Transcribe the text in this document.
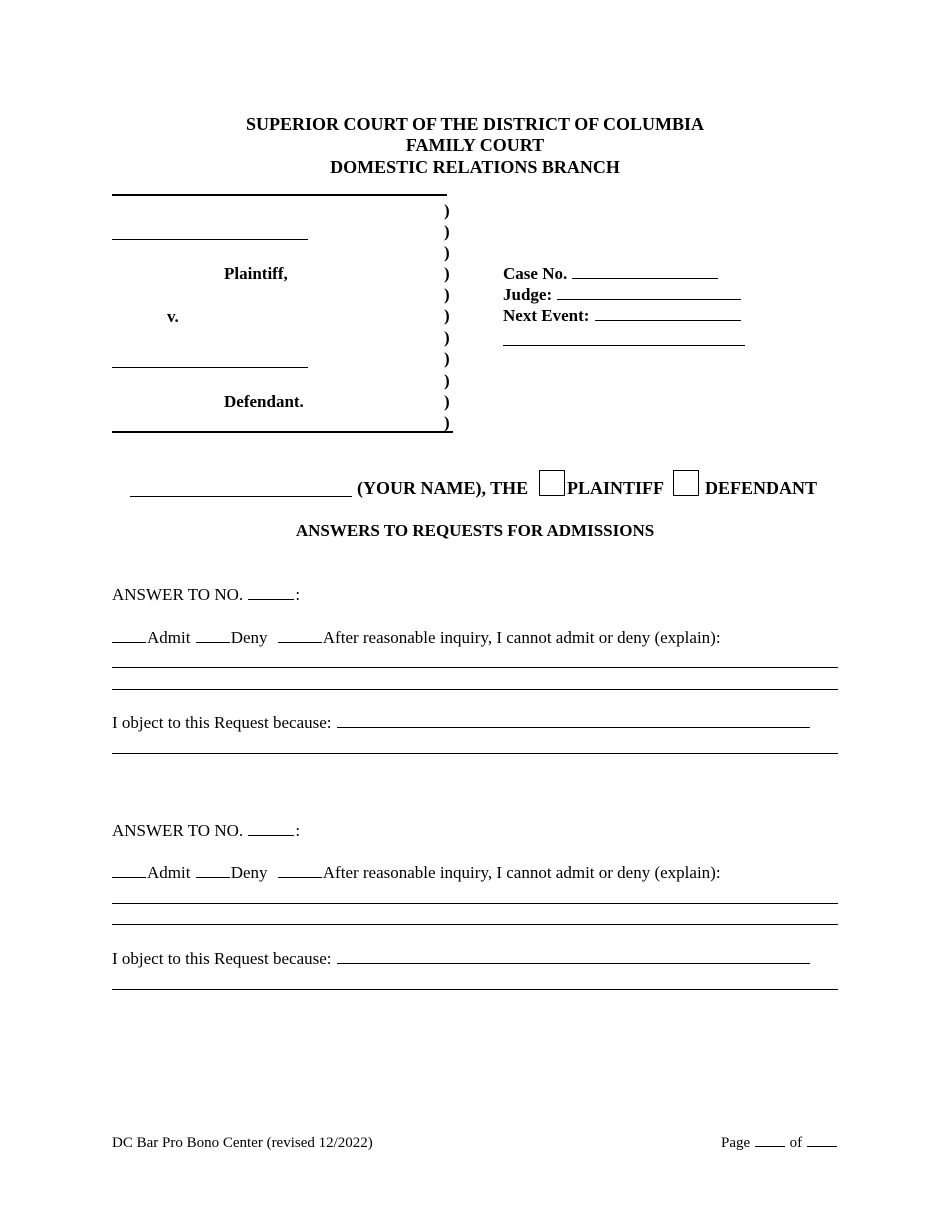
SUPERIOR COURT OF THE DISTRICT OF COLUMBIA
FAMILY COURT
DOMESTIC RELATIONS BRANCH
Plaintiff,
v.
Defendant.
)
)
)
)
)
)
)
)
)
)
)
Case No.
Judge:
Next Event:
(YOUR NAME), THE PLAINTIFF DEFENDANT
ANSWERS TO REQUESTS FOR ADMISSIONS
ANSWER TO NO.	:
Admit Deny	After reasonable inquiry, I cannot admit or deny (explain):
I object to this Request because:
ANSWER TO NO.	:
Admit Deny	After reasonable inquiry, I cannot admit or deny (explain):
I object to this Request because:
DC Bar Pro Bono Center (revised 12/2022)	Page	of
